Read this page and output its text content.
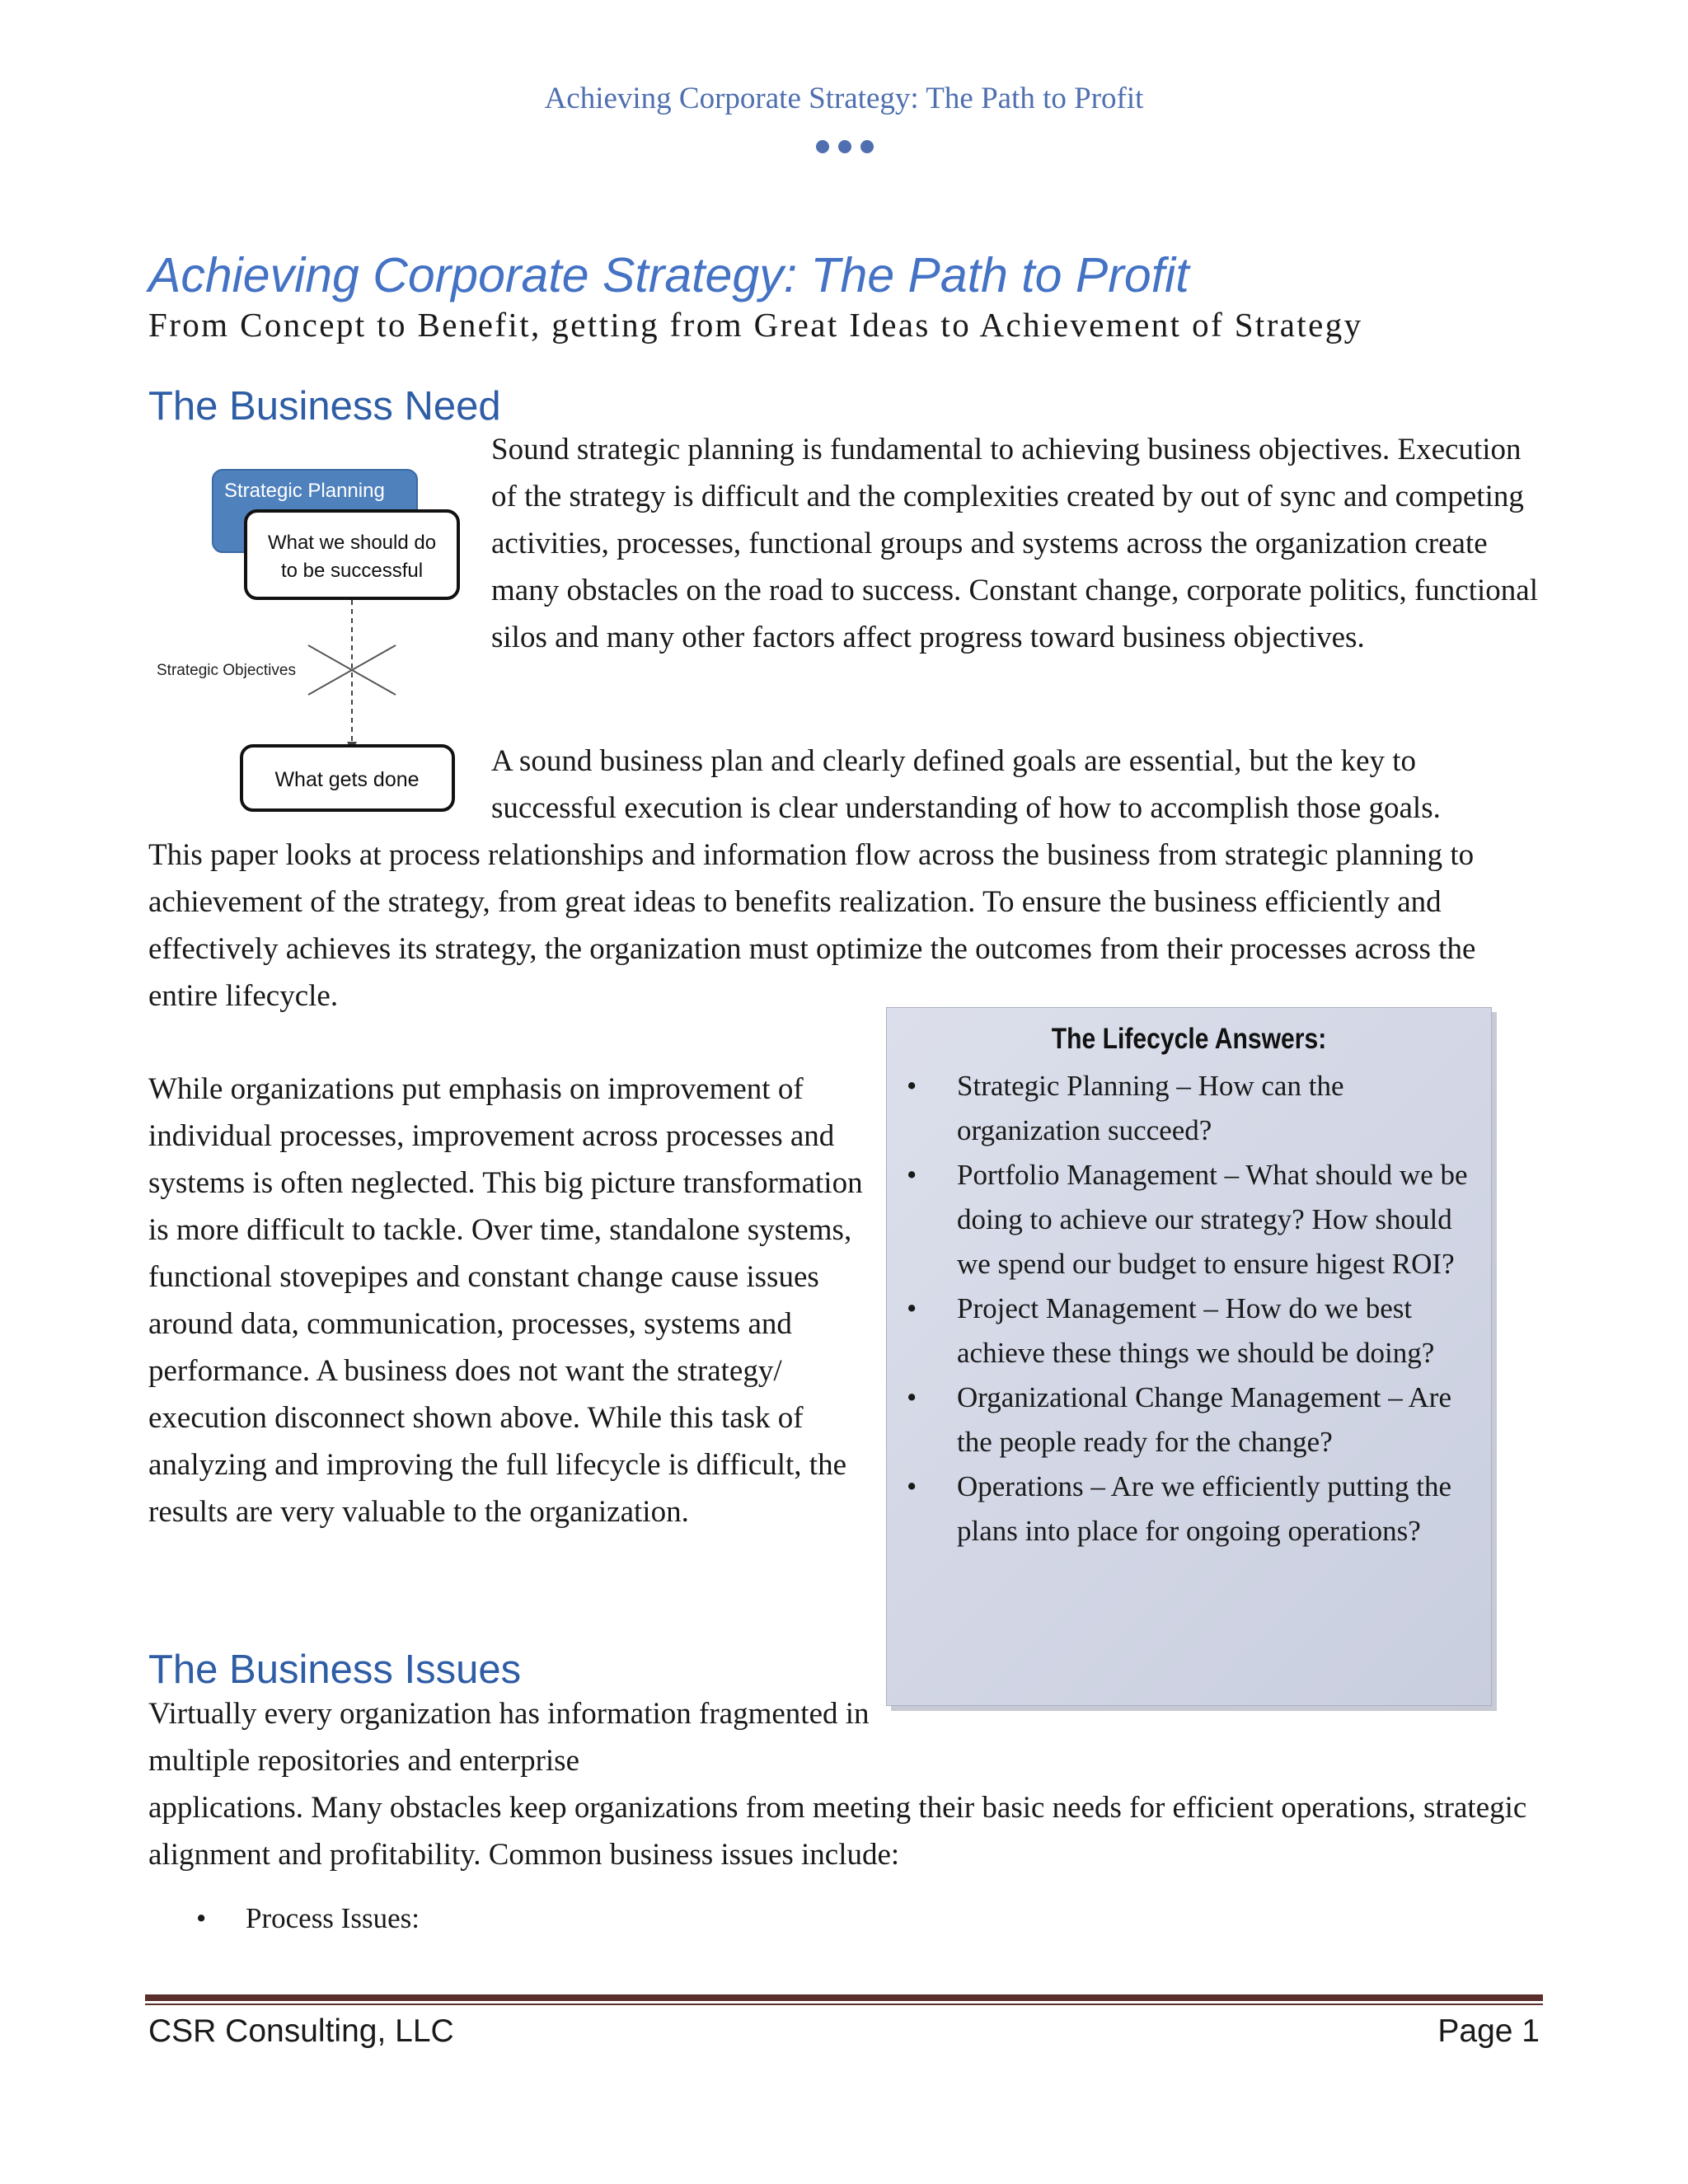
Achieving Corporate Strategy: The Path to Profit
Achieving Corporate Strategy: The Path to Profit
From Concept to Benefit, getting from Great Ideas to Achievement of Strategy
The Business Need
Strategic Planning
What we should do
to be successful
Strategic Objectives
What gets done

Sound strategic planning is fundamental to achieving business objectives. Execution of the strategy is difficult and the complexities created by out of sync and competing activities, processes, functional groups and systems across the organization create many obstacles on the road to success. Constant change, corporate politics, functional silos and many other factors affect progress toward business objectives.

A sound business plan and clearly defined goals are essential, but the key to successful execution is clear understanding of how to accomplish those goals.

This paper looks at process relationships and information flow across the business from strategic planning to achievement of the strategy, from great ideas to benefits realization. To ensure the business efficiently and effectively achieves its strategy, the organization must optimize the outcomes from their processes across the entire lifecycle.

While organizations put emphasis on improvement of individual processes, improvement across processes and systems is often neglected. This big picture transformation is more difficult to tackle. Over time, standalone systems, functional stovepipes and constant change cause issues around data, communication, processes, systems and performance. A business does not want the strategy/ execution disconnect shown above. While this task of analyzing and improving the full lifecycle is difficult, the results are very valuable to the organization.

The Lifecycle Answers:
• Strategic Planning – How can the organization succeed?
• Portfolio Management – What should we be doing to achieve our strategy? How should we spend our budget to ensure higest ROI?
• Project Management – How do we best achieve these things we should be doing?
• Organizational Change Management – Are the people ready for the change?
• Operations – Are we efficiently putting the plans into place for ongoing operations?
The Business Issues

Virtually every organization has information fragmented in multiple repositories and enterprise

applications. Many obstacles keep organizations from meeting their basic needs for efficient operations, strategic alignment and profitability. Common business issues include:

• Process Issues:
CSR Consulting, LLC	Page 1
